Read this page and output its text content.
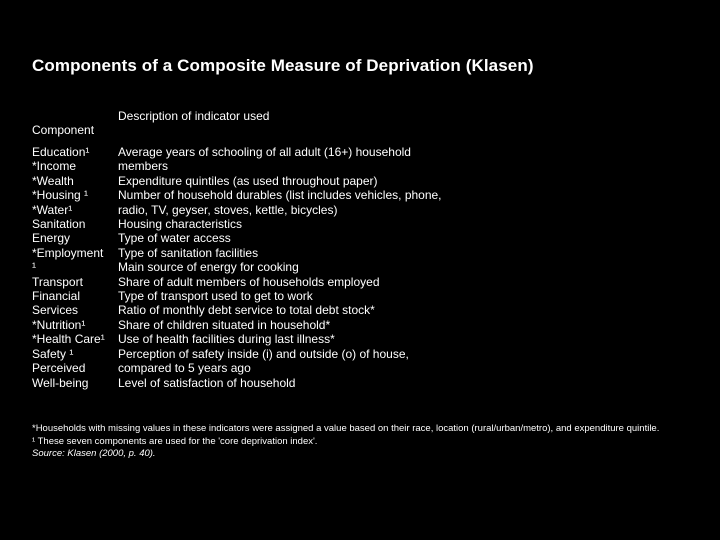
Components of a Composite Measure of Deprivation (Klasen)
Description of indicator used
Component
Education¹
*Income
*Wealth
*Housing ¹
*Water¹
Sanitation
Energy
*Employment
¹
Transport
Financial
Services
*Nutrition¹
*Health Care¹
Safety ¹
Perceived
Well-being
Average years of schooling of all adult (16+) household
members
Expenditure quintiles (as used throughout paper)
Number of household durables (list includes vehicles, phone,
radio, TV, geyser, stoves, kettle, bicycles)
Housing characteristics
Type of water access
Type of sanitation facilities
Main source of energy for cooking
Share of adult members of households employed
Type of transport used to get to work
Ratio of monthly debt service to total debt stock*
Share of children situated in household*
Use of health facilities during last illness*
Perception of safety inside (i) and outside (o) of house,
compared to 5 years ago
Level of satisfaction of household
*Households with missing values in these indicators were assigned a value based on their race, location (rural/urban/metro), and expenditure quintile.
¹ These seven components are used for the 'core deprivation index'.
Source: Klasen (2000, p. 40).
